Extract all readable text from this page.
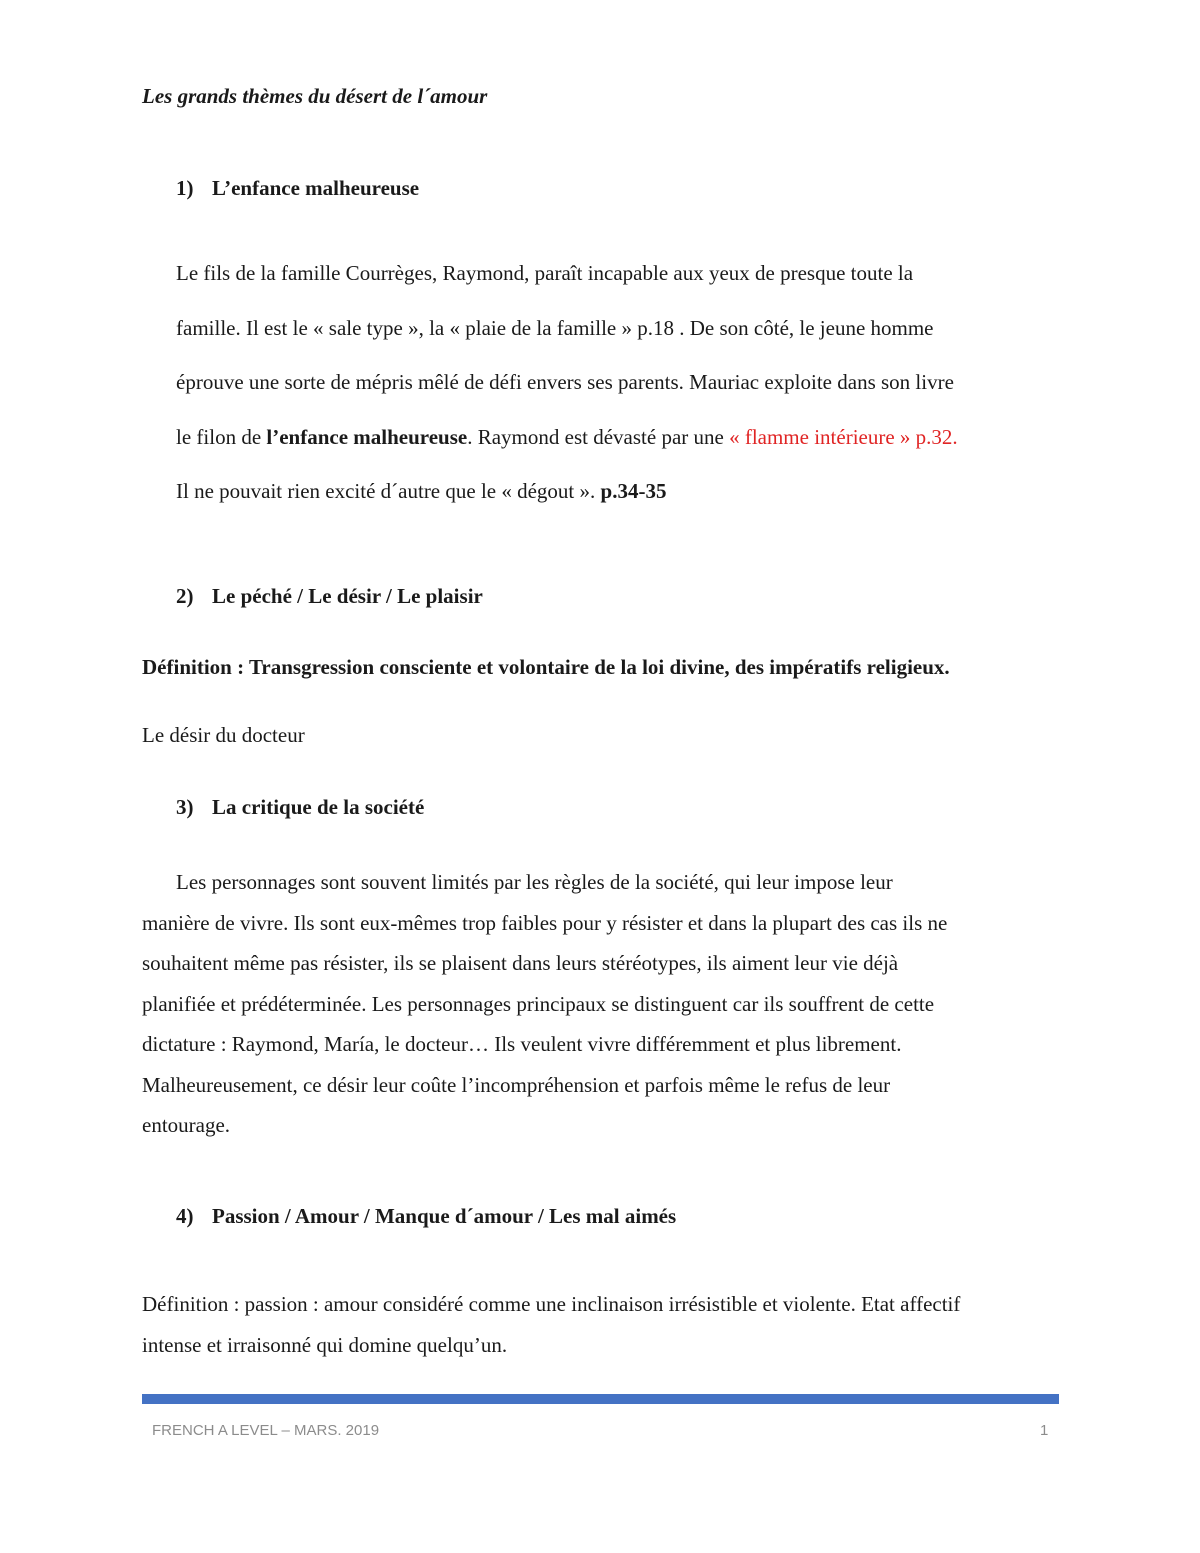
Les grands thèmes du désert de l´amour

1) L’enfance malheureuse

Le fils de la famille Courrèges, Raymond, paraît incapable aux yeux de presque toute la
famille. Il est le « sale type », la « plaie de la famille » p.18 . De son côté, le jeune homme
éprouve une sorte de mépris mêlé de défi envers ses parents. Mauriac exploite dans son livre
le filon de l’enfance malheureuse. Raymond est dévasté par une « flamme intérieure » p.32.
Il ne pouvait rien excité d´autre que le « dégout ». p.34-35

2) Le péché / Le désir / Le plaisir

Définition : Transgression consciente et volontaire de la loi divine, des impératifs religieux.

Le désir du docteur

3) La critique de la société

Les personnages sont souvent limités par les règles de la société, qui leur impose leur
manière de vivre. Ils sont eux-mêmes trop faibles pour y résister et dans la plupart des cas ils ne
souhaitent même pas résister, ils se plaisent dans leurs stéréotypes, ils aiment leur vie déjà
planifiée et prédéterminée. Les personnages principaux se distinguent car ils souffrent de cette
dictature : Raymond, María, le docteur… Ils veulent vivre différemment et plus librement.
Malheureusement, ce désir leur coûte l’incompréhension et parfois même le refus de leur
entourage.

4) Passion / Amour / Manque d´amour / Les mal aimés

Définition : passion : amour considéré comme une inclinaison irrésistible et violente. Etat affectif
intense et irraisonné qui domine quelqu’un.

FRENCH A LEVEL – MARS. 2019	1
